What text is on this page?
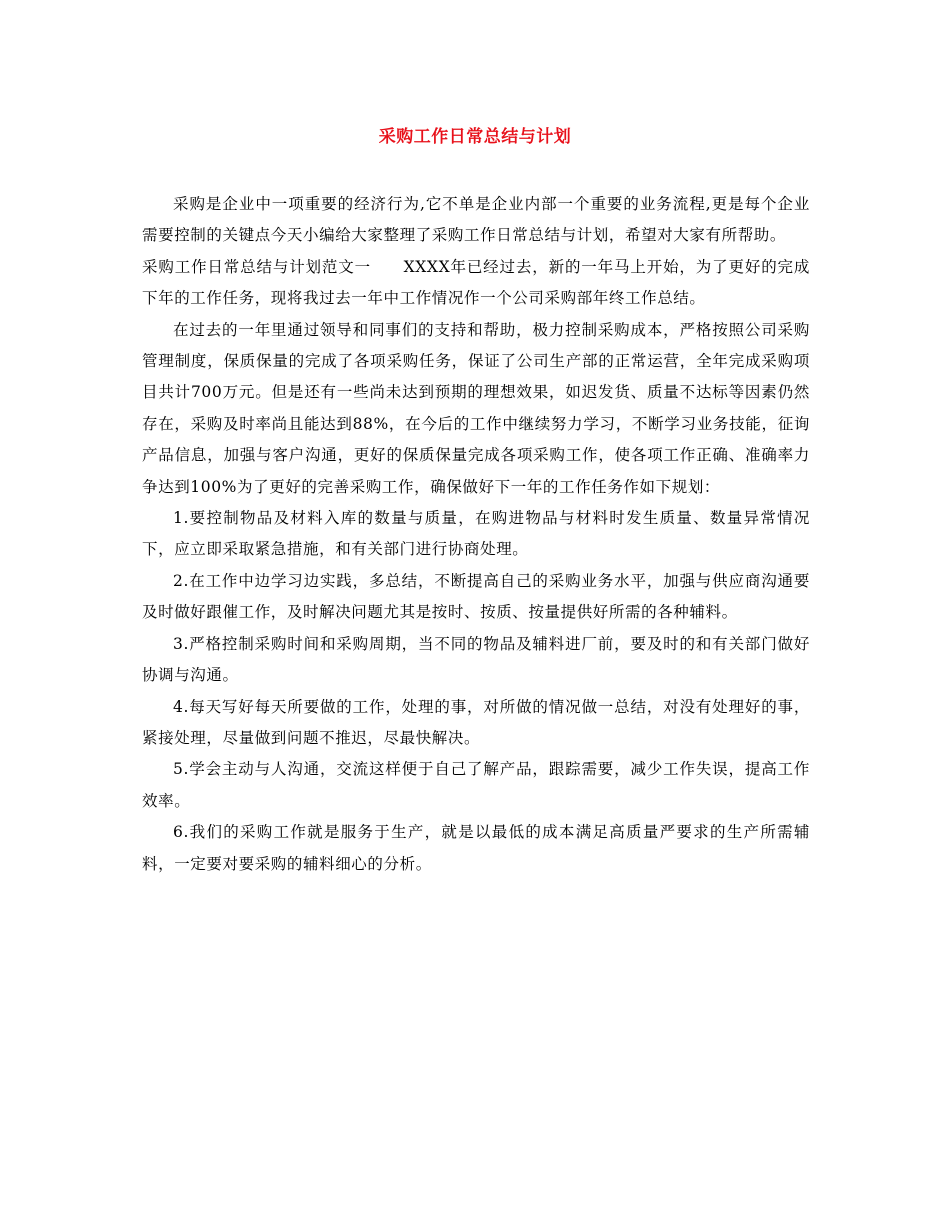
采购工作日常总结与计划

采购是企业中一项重要的经济行为,它不单是企业内部一个重要的业务流程,更是每个企业需要控制的关键点今天小编给大家整理了采购工作日常总结与计划，希望对大家有所帮助。

采购工作日常总结与计划范文一　　XXXX年已经过去，新的一年马上开始，为了更好的完成下年的工作任务，现将我过去一年中工作情况作一个公司采购部年终工作总结。

在过去的一年里通过领导和同事们的支持和帮助，极力控制采购成本，严格按照公司采购管理制度，保质保量的完成了各项采购任务，保证了公司生产部的正常运营，全年完成采购项目共计700万元。但是还有一些尚未达到预期的理想效果，如迟发货、质量不达标等因素仍然存在，采购及时率尚且能达到88%，在今后的工作中继续努力学习，不断学习业务技能，征询产品信息，加强与客户沟通，更好的保质保量完成各项采购工作，使各项工作正确、准确率力争达到100%为了更好的完善采购工作，确保做好下一年的工作任务作如下规划：

1.要控制物品及材料入库的数量与质量，在购进物品与材料时发生质量、数量异常情况下，应立即采取紧急措施，和有关部门进行协商处理。

2.在工作中边学习边实践，多总结，不断提高自己的采购业务水平，加强与供应商沟通要及时做好跟催工作，及时解决问题尤其是按时、按质、按量提供好所需的各种辅料。

3.严格控制采购时间和采购周期，当不同的物品及辅料进厂前，要及时的和有关部门做好协调与沟通。

4.每天写好每天所要做的工作，处理的事，对所做的情况做一总结，对没有处理好的事，紧接处理，尽量做到问题不推迟，尽最快解决。

5.学会主动与人沟通，交流这样便于自己了解产品，跟踪需要，减少工作失误，提高工作效率。

6.我们的采购工作就是服务于生产，就是以最低的成本满足高质量严要求的生产所需辅料，一定要对要采购的辅料细心的分析。
